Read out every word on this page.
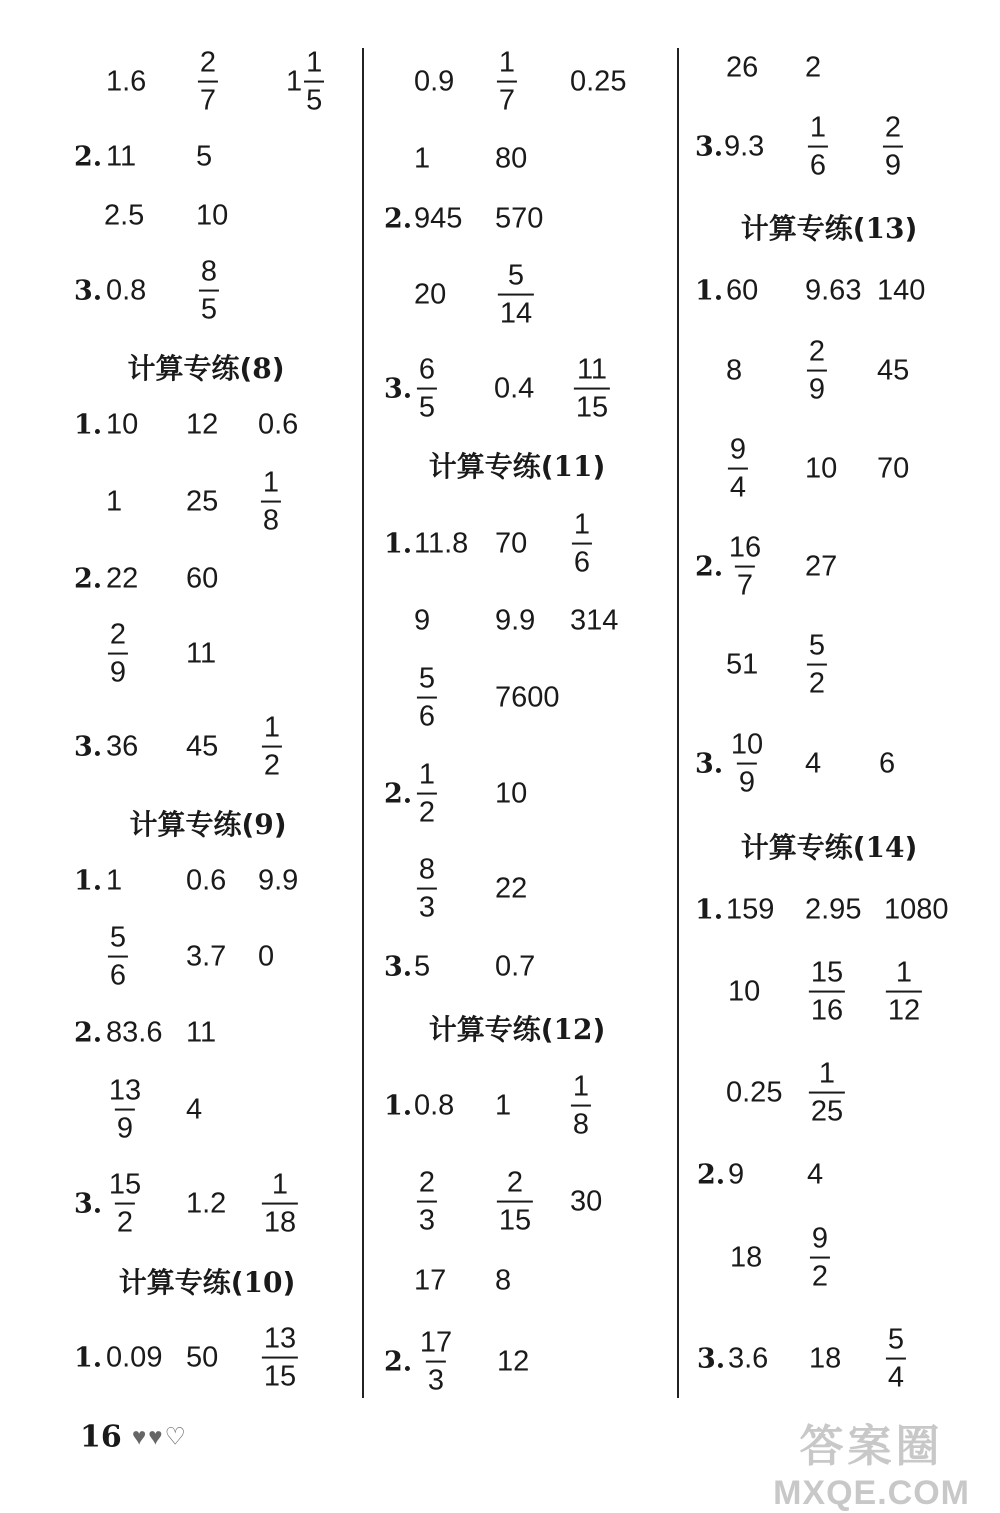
$1.6 \frac{2}{7} 1 \frac{1}{5}$
2. 11 5
2.5 10
3. $0.8 \frac{8}{5}$
计算专练(8)
1. 10 12 0.6
1 $25 \frac{1}{8}$
2. 22 60
$\frac{2}{9} 11$
3. 36 $45 \frac{1}{2}$
计算专练(9)
1. 1 0.6 9.9
$\frac{5}{6} 3.7$ 0
2. 83.6 11
$\frac{13}{9} 4$
3. $\frac{15}{2} 1.2 \frac{1}{18}$
计算专练(10)
1. 0.09 $50 \frac{13}{15}$
$0.9 \frac{1}{7} 0.25$
1 80
2. 945 570
$20 \frac{5}{14}$
3. $\frac{6}{5} 0.4 \frac{11}{15}$
计算专练(11)
1. 11.8 $70 \frac{1}{6}$
9 9.9 314
$\frac{5}{6} 7600$
2. $\frac{1}{2} 10$
$\frac{8}{3} 22$
3. 5 0.7
计算专练(12)
1. 0.8 $1 \frac{1}{8}$
$\frac{2}{3} \frac{2}{15} 30$
17 8
2. $\frac{17}{3} 12$
26 2
3. $9.3 \frac{1}{6} \frac{2}{9}$
计算专练(13)
1. 60 9.63 140
$8 \frac{2}{9} 45$
$\frac{9}{4} 10$ 70
2. $\frac{16}{7} 27$
$51 \frac{5}{2}$
3. $\frac{10}{9} 4$ 6
计算专练(14)
1. 159 2.95 1080
$10 \frac{15}{16} \frac{1}{12}$
$0.25 \frac{1}{25}$
2. 9 4
$18 \frac{9}{2}$
3. 3.6 $18 \frac{5}{4}$
16 ♥♥♡	答案圈
MXQE.COM
